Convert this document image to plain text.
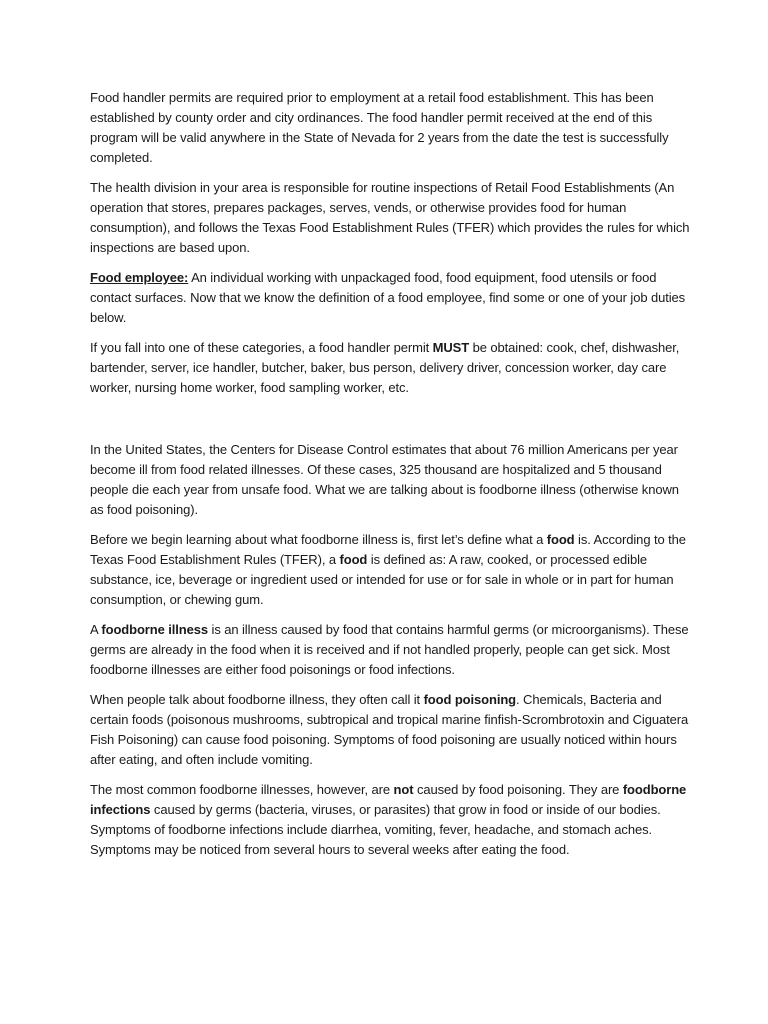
Food handler permits are required prior to employment at a retail food establishment. This has been established by county order and city ordinances. The food handler permit received at the end of this program will be valid anywhere in the State of Nevada for 2 years from the date the test is successfully completed.

The health division in your area is responsible for routine inspections of Retail Food Establishments (An operation that stores, prepares packages, serves, vends, or otherwise provides food for human consumption), and follows the Texas Food Establishment Rules (TFER) which provides the rules for which inspections are based upon.

Food employee: An individual working with unpackaged food, food equipment, food utensils or food contact surfaces. Now that we know the definition of a food employee, find some or one of your job duties below.

If you fall into one of these categories, a food handler permit MUST be obtained: cook, chef, dishwasher, bartender, server, ice handler, butcher, baker, bus person, delivery driver, concession worker, day care worker, nursing home worker, food sampling worker, etc.

In the United States, the Centers for Disease Control estimates that about 76 million Americans per year become ill from food related illnesses. Of these cases, 325 thousand are hospitalized and 5 thousand people die each year from unsafe food. What we are talking about is foodborne illness (otherwise known as food poisoning).

Before we begin learning about what foodborne illness is, first let’s define what a food is. According to the Texas Food Establishment Rules (TFER), a food is defined as: A raw, cooked, or processed edible substance, ice, beverage or ingredient used or intended for use or for sale in whole or in part for human consumption, or chewing gum.

A foodborne illness is an illness caused by food that contains harmful germs (or microorganisms). These germs are already in the food when it is received and if not handled properly, people can get sick. Most foodborne illnesses are either food poisonings or food infections.

When people talk about foodborne illness, they often call it food poisoning. Chemicals, Bacteria and certain foods (poisonous mushrooms, subtropical and tropical marine finfish-Scrombrotoxin and Ciguatera Fish Poisoning) can cause food poisoning. Symptoms of food poisoning are usually noticed within hours after eating, and often include vomiting.

The most common foodborne illnesses, however, are not caused by food poisoning. They are foodborne infections caused by germs (bacteria, viruses, or parasites) that grow in food or inside of our bodies. Symptoms of foodborne infections include diarrhea, vomiting, fever, headache, and stomach aches. Symptoms may be noticed from several hours to several weeks after eating the food.
